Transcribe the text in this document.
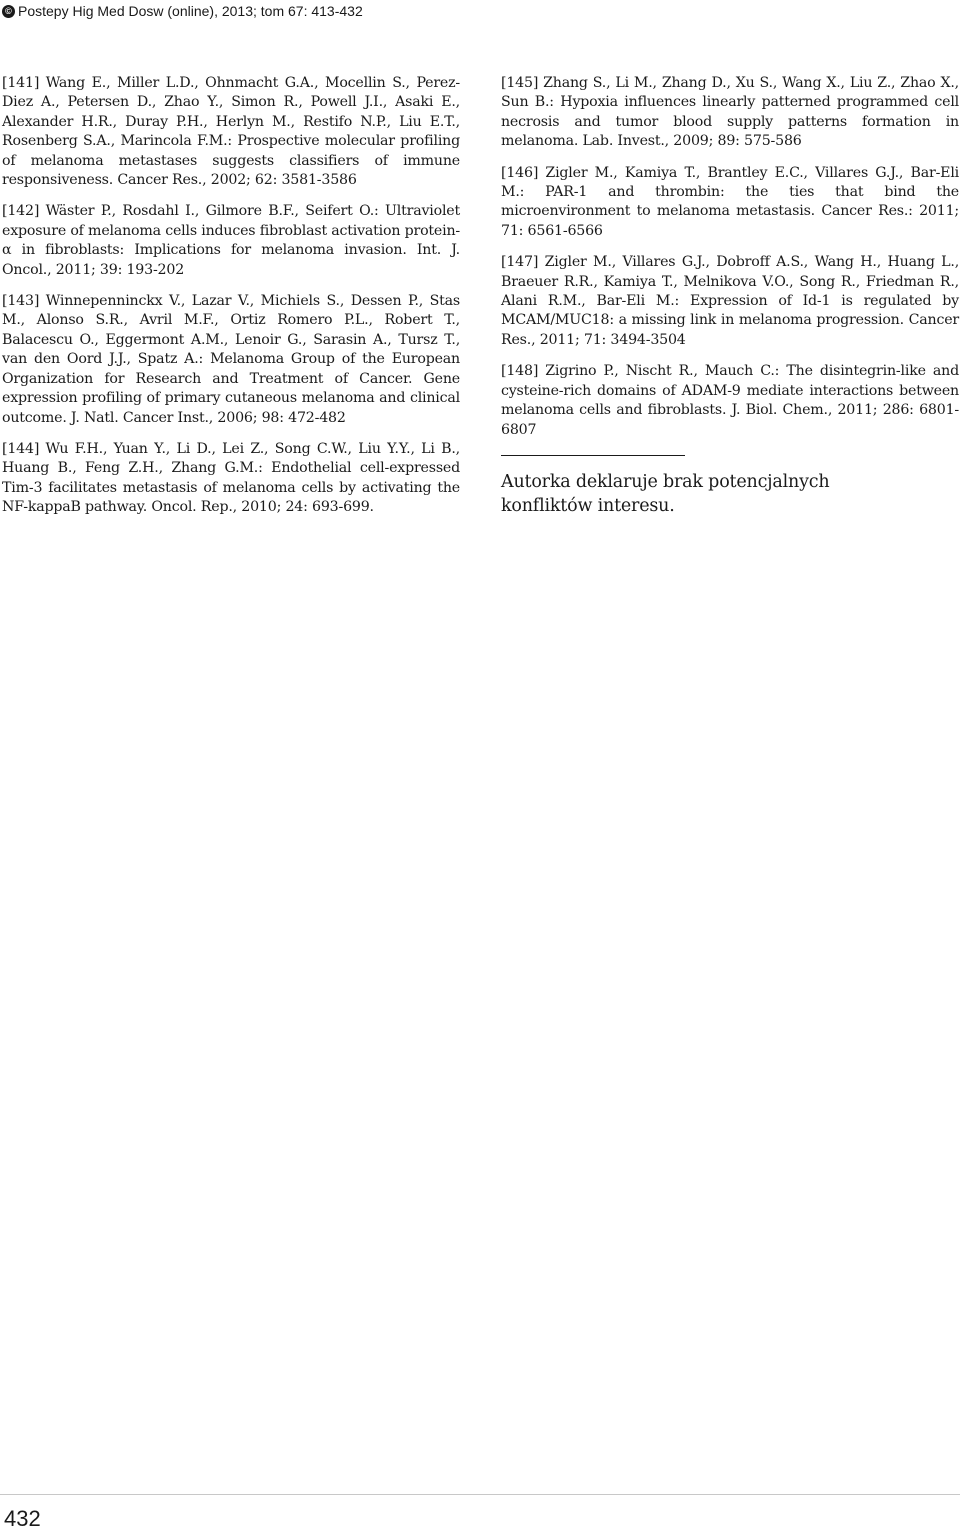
© Postepy Hig Med Dosw (online), 2013; tom 67: 413-432

[141] Wang E., Miller L.D., Ohnmacht G.A., Mocellin S., Perez-Diez A., Petersen D., Zhao Y., Simon R., Powell J.I., Asaki E., Alexander H.R., Duray P.H., Herlyn M., Restifo N.P., Liu E.T., Rosenberg S.A., Marincola F.M.: Prospective molecular profiling of melanoma metastases suggests classifiers of immune responsiveness. Cancer Res., 2002; 62: 3581-3586

[142] Wäster P., Rosdahl I., Gilmore B.F., Seifert O.: Ultraviolet exposure of melanoma cells induces fibroblast activation protein-α in fibroblasts: Implications for melanoma invasion. Int. J. Oncol., 2011; 39: 193-202

[143] Winnepenninckx V., Lazar V., Michiels S., Dessen P., Stas M., Alonso S.R., Avril M.F., Ortiz Romero P.L., Robert T., Balacescu O., Eggermont A.M., Lenoir G., Sarasin A., Tursz T., van den Oord J.J., Spatz A.: Melanoma Group of the European Organization for Research and Treatment of Cancer. Gene expression profiling of primary cutaneous melanoma and clinical outcome. J. Natl. Cancer Inst., 2006; 98: 472-482

[144] Wu F.H., Yuan Y., Li D., Lei Z., Song C.W., Liu Y.Y., Li B., Huang B., Feng Z.H., Zhang G.M.: Endothelial cell-expressed Tim-3 facilitates metastasis of melanoma cells by activating the NF-kappaB pathway. Oncol. Rep., 2010; 24: 693-699.

[145] Zhang S., Li M., Zhang D., Xu S., Wang X., Liu Z., Zhao X., Sun B.: Hypoxia influences linearly patterned programmed cell necrosis and tumor blood supply patterns formation in melanoma. Lab. Invest., 2009; 89: 575-586

[146] Zigler M., Kamiya T., Brantley E.C., Villares G.J., Bar-Eli M.: PAR-1 and thrombin: the ties that bind the microenvironment to melanoma metastasis. Cancer Res.: 2011; 71: 6561-6566

[147] Zigler M., Villares G.J., Dobroff A.S., Wang H., Huang L., Braeuer R.R., Kamiya T., Melnikova V.O., Song R., Friedman R., Alani R.M., Bar-Eli M.: Expression of Id-1 is regulated by MCAM/MUC18: a missing link in melanoma progression. Cancer Res., 2011; 71: 3494-3504

[148] Zigrino P., Nischt R., Mauch C.: The disintegrin-like and cysteine-rich domains of ADAM-9 mediate interactions between melanoma cells and fibroblasts. J. Biol. Chem., 2011; 286: 6801-6807

Autorka deklaruje brak potencjalnych konfliktów interesu.
432
